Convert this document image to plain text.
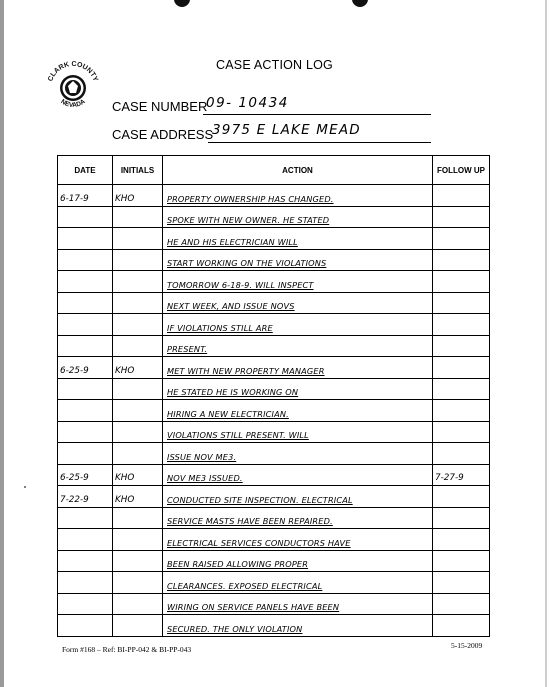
CLARK COUNTY
NEVADA
CASE ACTION LOG
CASE NUMBER
09- 10434
CASE ADDRESS
3975 E LAKE MEAD
DATE	INITIALS	ACTION	FOLLOW UP
6-17-9	KHO	PROPERTY OWNERSHIP HAS CHANGED.	
		SPOKE WITH NEW OWNER. HE STATED	
		HE AND HIS ELECTRICIAN WILL	
		START WORKING ON THE VIOLATIONS	
		TOMORROW 6-18-9. WILL INSPECT	
		NEXT WEEK, AND ISSUE NOVS	
		IF VIOLATIONS STILL ARE	
		PRESENT.	
6-25-9	KHO	MET WITH NEW PROPERTY MANAGER	
		HE STATED HE IS WORKING ON	
		HIRING A NEW ELECTRICIAN.	
		VIOLATIONS STILL PRESENT. WILL	
		ISSUE NOV ME3.	
6-25-9	KHO	NOV ME3 ISSUED.	7-27-9
7-22-9	KHO	CONDUCTED SITE INSPECTION. ELECTRICAL	
		SERVICE MASTS HAVE BEEN REPAIRED.	
		ELECTRICAL SERVICES CONDUCTORS HAVE	
		BEEN RAISED ALLOWING PROPER	
		CLEARANCES. EXPOSED ELECTRICAL	
		WIRING ON SERVICE PANELS HAVE BEEN	
		SECURED. THE ONLY VIOLATION	
Form #168 – Ref: BI-PP-042 & BI-PP-043	5-15-2009
